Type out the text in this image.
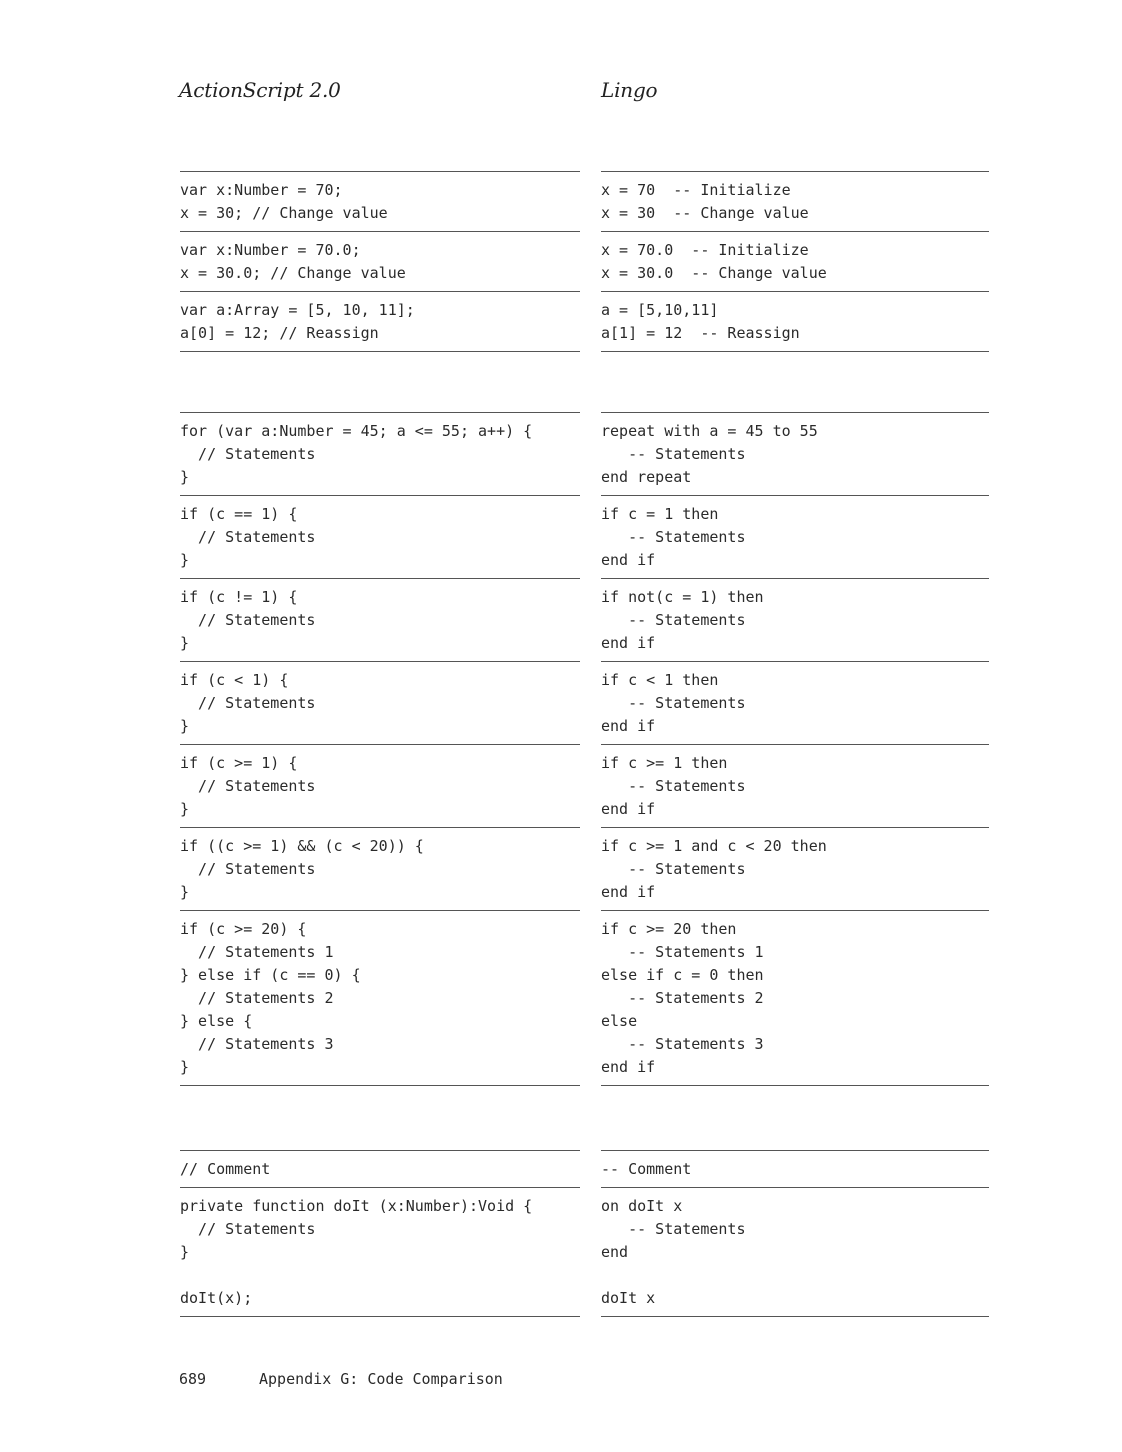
ActionScript 2.0	Lingo
var x:Number = 70;
x = 30; // Change value
var x:Number = 70.0;
x = 30.0; // Change value
var a:Array = [5, 10, 11];
a[0] = 12; // Reassign
x = 70  -- Initialize
x = 30  -- Change value
x = 70.0  -- Initialize
x = 30.0  -- Change value
a = [5,10,11]
a[1] = 12  -- Reassign
for (var a:Number = 45; a <= 55; a++) {
// Statements
}
if (c == 1) {
// Statements
}
if (c != 1) {
// Statements
}
if (c < 1) {
// Statements
}
if (c >= 1) {
// Statements
}
if ((c >= 1) && (c < 20)) {
// Statements
}
if (c >= 20) {
// Statements 1
} else if (c == 0) {
// Statements 2
} else {
// Statements 3
}
repeat with a = 45 to 55
-- Statements
end repeat
if c = 1 then
-- Statements
end if
if not(c = 1) then
-- Statements
end if
if c < 1 then
-- Statements
end if
if c >= 1 then
-- Statements
end if
if c >= 1 and c < 20 then
-- Statements
end if
if c >= 20 then
-- Statements 1
else if c = 0 then
-- Statements 2
else
-- Statements 3
end if
// Comment
private function doIt (x:Number):Void {
// Statements
}
doIt(x);
-- Comment
on doIt x
-- Statements
end
doIt x
689	Appendix G: Code Comparison
